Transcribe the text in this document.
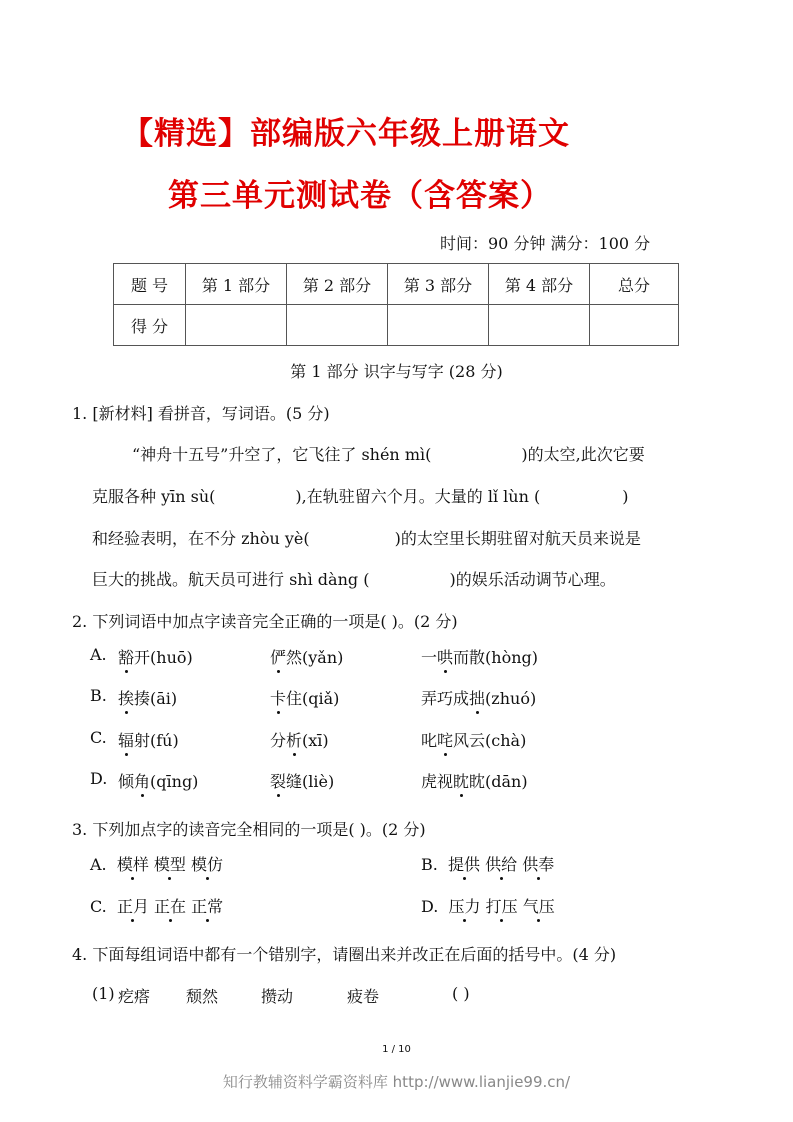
【精选】部编版六年级上册语文
第三单元测试卷（含答案）
时间：90 分钟 满分：100 分
题 号	第 1 部分	第 2 部分	第 3 部分	第 4 部分	总分
得 分					
第 1 部分 识字与写字 (28 分)
1. [新材料] 看拼音，写词语。(5 分)
“神舟十五号”升空了，它飞往了 shén mì(	)的太空,此次它要
克服各种 yīn sù(	),在轨驻留六个月。大量的 lǐ lùn (	)
和经验表明，在不分 zhòu yè(	)的太空里长期驻留对航天员来说是
巨大的挑战。航天员可进行 shì dàng (	)的娱乐活动调节心理。
2. 下列词语中加点字读音完全正确的一项是( )。(2 分)
A. 豁开(huō)	俨然(yǎn)	一哄而散(hòng)
B. 挨揍(āi)	卡住(qiǎ)	弄巧成拙(zhuó)
C. 辐射(fú)	分析(xī)	叱咤风云(chà)
D. 倾角(qīng)	裂缝(liè)	虎视眈眈(dān)
3. 下列加点字的读音完全相同的一项是( )。(2 分)
A. 模样 模型 模仿	B. 提供 供给 供奉
C. 正月 正在 正常	D. 压力 打压 气压
4. 下面每组词语中都有一个错别字，请圈出来并改正在后面的括号中。(4 分)
(1) 疙瘩 颓然	攒动	疲卷	( )
1 / 10
知行教辅资料学霸资料库 http://www.lianjie99.cn/
